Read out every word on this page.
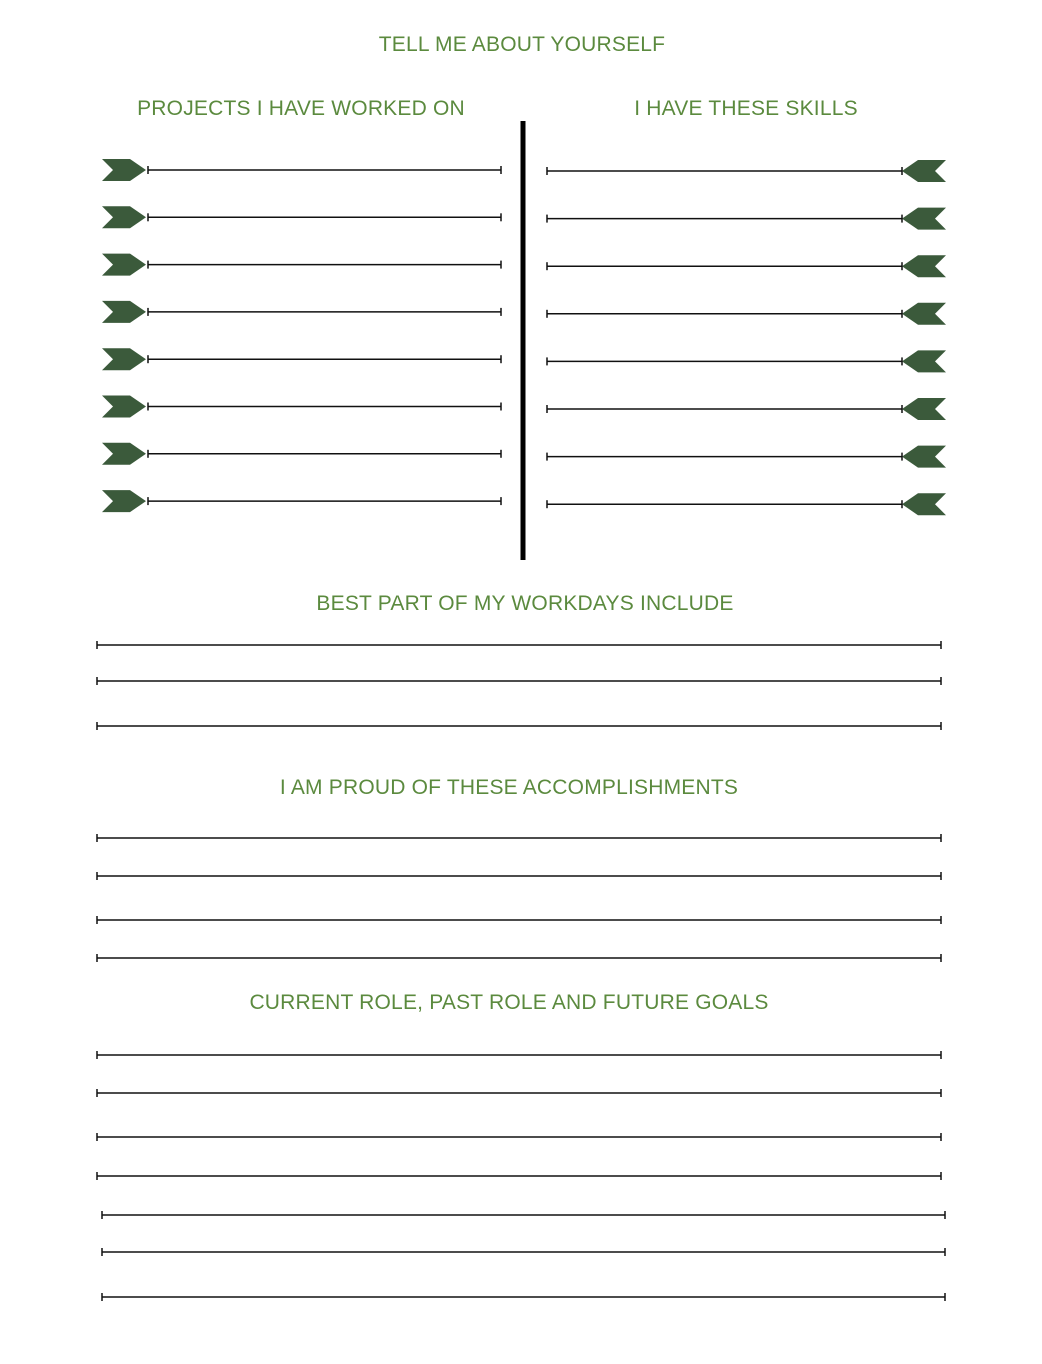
TELL ME ABOUT YOURSELF
PROJECTS I HAVE WORKED ON	I HAVE THESE SKILLS
BEST PART OF MY WORKDAYS INCLUDE
I AM PROUD OF THESE ACCOMPLISHMENTS
CURRENT ROLE, PAST ROLE AND FUTURE GOALS
